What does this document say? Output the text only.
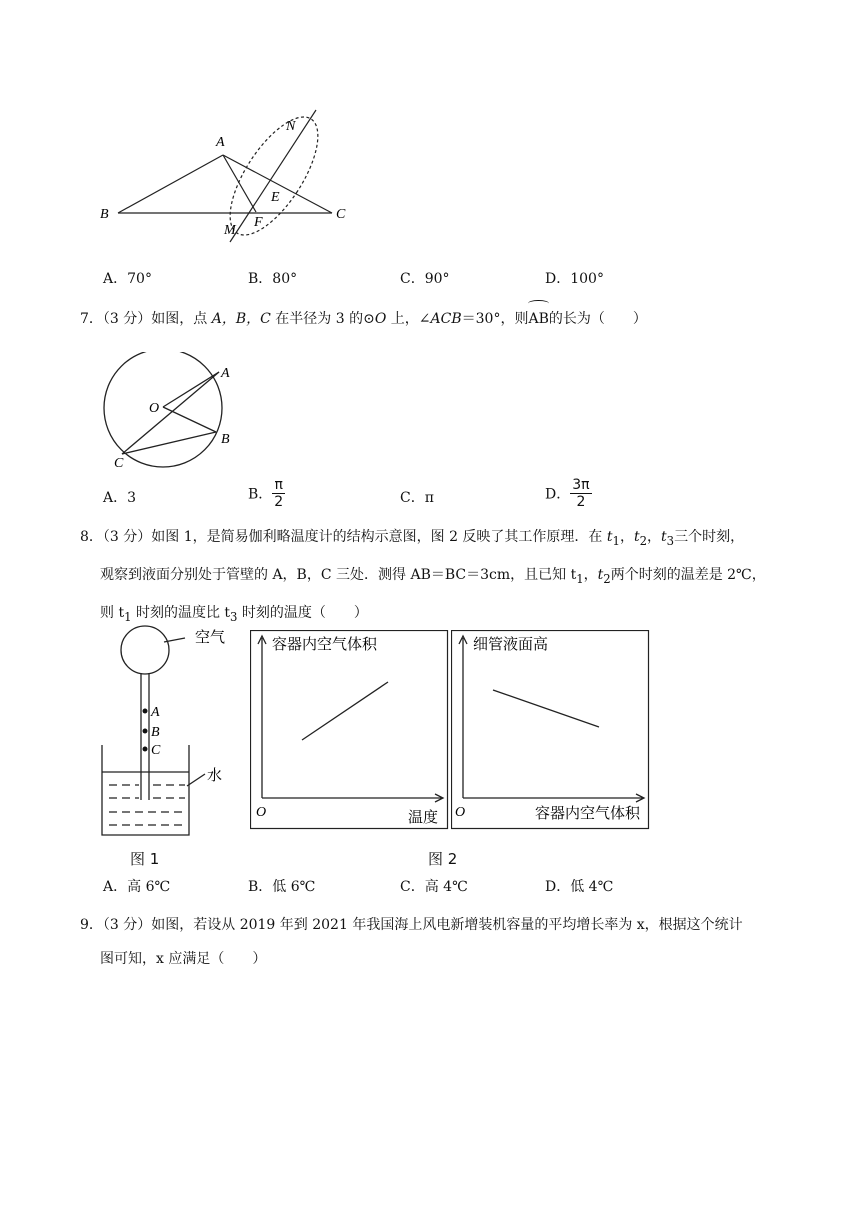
A
B	C
N
E
F
M
A．70°	B．80°	C．90°	D．100°
7．（3 分）如图，点 A，B，C 在半径为 3 的⊙O 上，∠ACB＝30°，则AB的长为（　　）
A
O
B
C
A．3	B． $\frac{\pi}{2}$	C．π	D． $\frac{3\pi}{2}$
8．（3 分）如图 1，是简易伽利略温度计的结构示意图，图 2 反映了其工作原理．在 $t_1$，$t_2$，$t_3$三个时刻，
观察到液面分别处于管壁的 A，B，C 三处．测得 AB＝BC＝3cm，且已知 $t_1$，$t_2$两个时刻的温差是 2℃，
则 $t_1$ 时刻的温度比 $t_3$ 时刻的温度（　　）
A
B
C
空气
水
图 1
容器内空气体积
温度
O
细管液面高
容器内空气体积
O
图 2
A．高 6℃	B．低 6℃	C．高 4℃	D．低 4℃
9．（3 分）如图，若设从 2019 年到 2021 年我国海上风电新增装机容量的平均增长率为 x，根据这个统计
图可知，x 应满足（　　）
